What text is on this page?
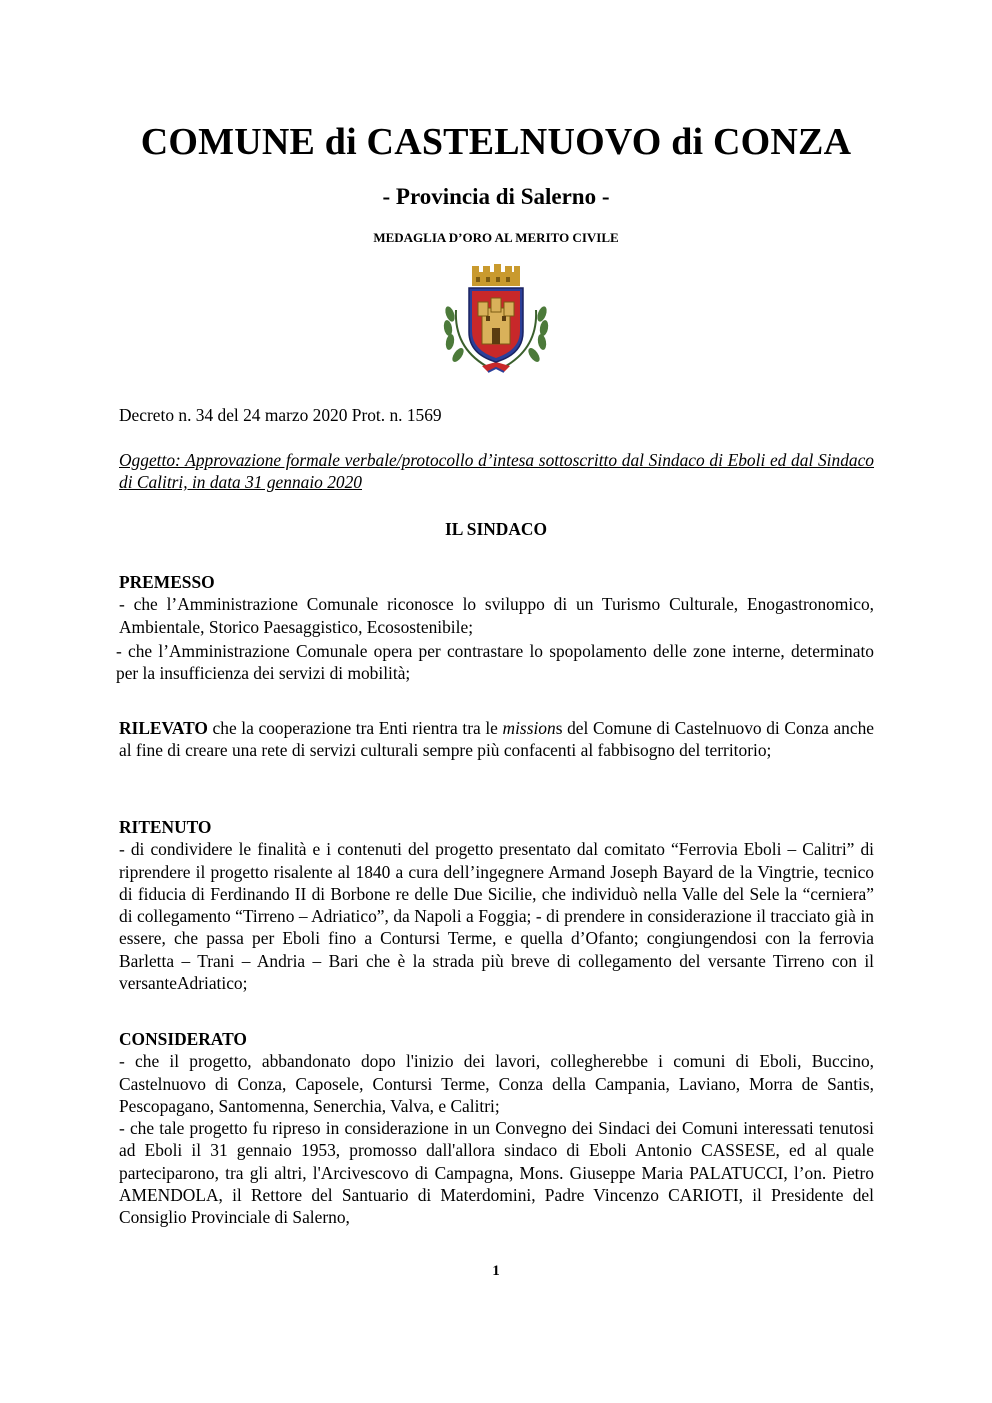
COMUNE di CASTELNUOVO di CONZA
- Provincia di Salerno -
MEDAGLIA D’ORO AL MERITO CIVILE
Decreto n. 34 del 24 marzo 2020 Prot. n. 1569
Oggetto: Approvazione formale verbale/protocollo d’intesa sottoscritto dal Sindaco di Eboli ed dal Sindaco di Calitri, in data 31 gennaio 2020
IL SINDACO
PREMESSO

- che l’Amministrazione Comunale riconosce lo sviluppo di un Turismo Culturale, Enogastronomico, Ambientale, Storico Paesaggistico, Ecosostenibile;

- che l’Amministrazione Comunale opera per contrastare lo spopolamento delle zone interne, determinato per la insufficienza dei servizi di mobilità;

RILEVATO che la cooperazione tra Enti rientra tra le missions del Comune di Castelnuovo di Conza anche al fine di creare una rete di servizi culturali sempre più confacenti al fabbisogno del territorio;

RITENUTO

- di condividere le finalità e i contenuti del progetto presentato dal comitato “Ferrovia Eboli – Calitri” di riprendere il progetto risalente al 1840 a cura dell’ingegnere Armand Joseph Bayard de la Vingtrie, tecnico di fiducia di Ferdinando II di Borbone re delle Due Sicilie, che individuò nella Valle del Sele la “cerniera” di collegamento “Tirreno – Adriatico”, da Napoli a Foggia; - di prendere in considerazione il tracciato già in essere, che passa per Eboli fino a Contursi Terme, e quella d’Ofanto; congiungendosi con la ferrovia Barletta – Trani – Andria – Bari che è la strada più breve di collegamento del versante Tirreno con il versanteAdriatico;

CONSIDERATO

- che il progetto, abbandonato dopo l'inizio dei lavori, collegherebbe i comuni di Eboli, Buccino, Castelnuovo di Conza, Caposele, Contursi Terme, Conza della Campania, Laviano, Morra de Santis, Pescopagano, Santomenna, Senerchia, Valva, e Calitri;

- che tale progetto fu ripreso in considerazione in un Convegno dei Sindaci dei Comuni interessati tenutosi ad Eboli il 31 gennaio 1953, promosso dall'allora sindaco di Eboli Antonio CASSESE, ed al quale parteciparono, tra gli altri, l'Arcivescovo di Campagna, Mons. Giuseppe Maria PALATUCCI, l’on. Pietro AMENDOLA, il Rettore del Santuario di Materdomini, Padre Vincenzo CARIOTI, il Presidente del Consiglio Provinciale di Salerno,

1
